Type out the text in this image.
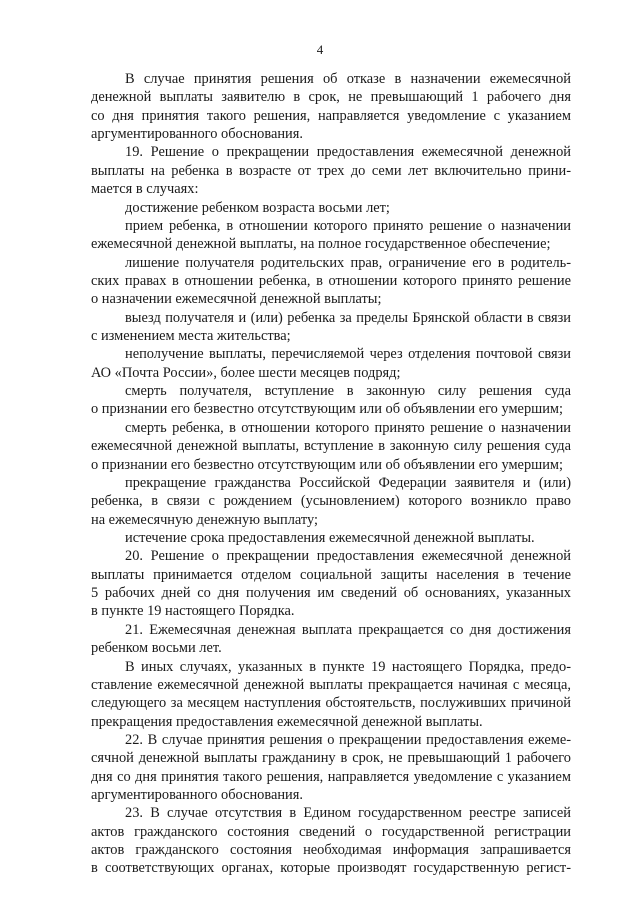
4
В случае принятия решения об отказе в назначении ежемесячной
денежной выплаты заявителю в срок, не превышающий 1 рабочего дня
со дня принятия такого решения, направляется уведомление с указанием
аргументированного обоснования.
19. Решение о прекращении предоставления ежемесячной денежной
выплаты на ребенка в возрасте от трех до семи лет включительно прини-
мается в случаях:
достижение ребенком возраста восьми лет;
прием ребенка, в отношении которого принято решение о назначении
ежемесячной денежной выплаты, на полное государственное обеспечение;
лишение получателя родительских прав, ограничение его в родитель-
ских правах в отношении ребенка, в отношении которого принято решение
о назначении ежемесячной денежной выплаты;
выезд получателя и (или) ребенка за пределы Брянской области в связи
с изменением места жительства;
неполучение выплаты, перечисляемой через отделения почтовой связи
АО «Почта России», более шести месяцев подряд;
смерть получателя, вступление в законную силу решения суда
о признании его безвестно отсутствующим или об объявлении его умершим;
смерть ребенка, в отношении которого принято решение о назначении
ежемесячной денежной выплаты, вступление в законную силу решения суда
о признании его безвестно отсутствующим или об объявлении его умершим;
прекращение гражданства Российской Федерации заявителя и (или)
ребенка, в связи с рождением (усыновлением) которого возникло право
на ежемесячную денежную выплату;
истечение срока предоставления ежемесячной денежной выплаты.
20. Решение о прекращении предоставления ежемесячной денежной
выплаты принимается отделом социальной защиты населения в течение
5 рабочих дней со дня получения им сведений об основаниях, указанных
в пункте 19 настоящего Порядка.
21. Ежемесячная денежная выплата прекращается со дня достижения
ребенком восьми лет.
В иных случаях, указанных в пункте 19 настоящего Порядка, предо-
ставление ежемесячной денежной выплаты прекращается начиная с месяца,
следующего за месяцем наступления обстоятельств, послуживших причиной
прекращения предоставления ежемесячной денежной выплаты.
22. В случае принятия решения о прекращении предоставления ежеме-
сячной денежной выплаты гражданину в срок, не превышающий 1 рабочего
дня со дня принятия такого решения, направляется уведомление с указанием
аргументированного обоснования.
23. В случае отсутствия в Едином государственном реестре записей
актов гражданского состояния сведений о государственной регистрации
актов гражданского состояния необходимая информация запрашивается
в соответствующих органах, которые производят государственную регист-
